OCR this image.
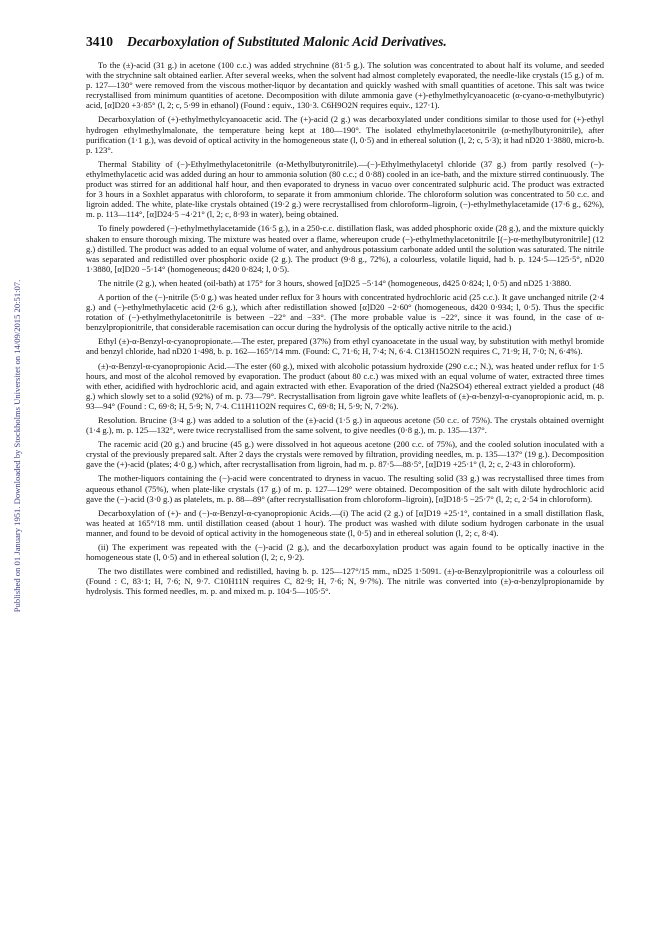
Published on 01 January 1951. Downloaded by Stockholms Universitet on 14/09/2015 20:51:07.
3410 Decarboxylation of Substituted Malonic Acid Derivatives.

To the (±)-acid (31 g.) in acetone (100 c.c.) was added strychnine (81·5 g.). The solution was concentrated to about half its volume, and seeded with the strychnine salt obtained earlier. After several weeks, when the solvent had almost completely evaporated, the needle-like crystals (15 g.) of m. p. 127—130° were removed from the viscous mother-liquor by decantation and quickly washed with small quantities of acetone. This salt was twice recrystallised from minimum quantities of acetone. Decomposition with dilute ammonia gave (+)-ethylmethylcyanoacetic (α-cyano-α-methylbutyric) acid, [α]D20 +3·85° (l, 2; c, 5·99 in ethanol) (Found : equiv., 130·3. C6H9O2N requires equiv., 127·1).

Decarboxylation of (+)-ethylmethylcyanoacetic acid. The (+)-acid (2 g.) was decarboxylated under conditions similar to those used for (+)-ethyl hydrogen ethylmethylmalonate, the temperature being kept at 180—190°. The isolated ethylmethylacetonitrile (α-methylbutyronitrile), after purification (1·1 g.), was devoid of optical activity in the homogeneous state (l, 0·5) and in ethereal solution (l, 2; c, 5·3); it had nD20 1·3880, micro-b. p. 123°.

Thermal Stability of (−)-Ethylmethylacetonitrile (α-Methylbutyronitrile).—(−)-Ethylmethylacetyl chloride (37 g.) from partly resolved (−)-ethylmethylacetic acid was added during an hour to ammonia solution (80 c.c.; d 0·88) cooled in an ice-bath, and the mixture stirred continuously. The product was stirred for an additional half hour, and then evaporated to dryness in vacuo over concentrated sulphuric acid. The product was extracted for 3 hours in a Soxhlet apparatus with chloroform, to separate it from ammonium chloride. The chloroform solution was concentrated to 50 c.c. and ligroin added. The white, plate-like crystals obtained (19·2 g.) were recrystallised from chloroform–ligroin, (−)-ethylmethylacetamide (17·6 g., 62%), m. p. 113—114°, [α]D24·5 −4·21° (l, 2; c, 8·93 in water), being obtained.

To finely powdered (−)-ethylmethylacetamide (16·5 g.), in a 250-c.c. distillation flask, was added phosphoric oxide (28 g.), and the mixture quickly shaken to ensure thorough mixing. The mixture was heated over a flame, whereupon crude (−)-ethylmethylacetonitrile [(−)-α-methylbutyronitrile] (12 g.) distilled. The product was added to an equal volume of water, and anhydrous potassium carbonate added until the solution was saturated. The nitrile was separated and redistilled over phosphoric oxide (2 g.). The product (9·8 g., 72%), a colourless, volatile liquid, had b. p. 124·5—125·5°, nD20 1·3880, [α]D20 −5·14° (homogeneous; d420 0·824; l, 0·5).

The nitrile (2 g.), when heated (oil-bath) at 175° for 3 hours, showed [α]D25 −5·14° (homogeneous, d425 0·824; l, 0·5) and nD25 1·3880.

A portion of the (−)-nitrile (5·0 g.) was heated under reflux for 3 hours with concentrated hydrochloric acid (25 c.c.). It gave unchanged nitrile (2·4 g.) and (−)-ethylmethylacetic acid (2·6 g.), which after redistillation showed [α]D20 −2·60° (homogeneous, d420 0·934; l, 0·5). Thus the specific rotation of (−)-ethylmethylacetonitrile is between −22° and −33°. (The more probable value is −22°, since it was found, in the case of α-benzylpropionitrile, that considerable racemisation can occur during the hydrolysis of the optically active nitrile to the acid.)

Ethyl (±)-α-Benzyl-α-cyanopropionate.—The ester, prepared (37%) from ethyl cyanoacetate in the usual way, by substitution with methyl bromide and benzyl chloride, had nD20 1·498, b. p. 162—165°/14 mm. (Found: C, 71·6; H, 7·4; N, 6·4. C13H15O2N requires C, 71·9; H, 7·0; N, 6·4%).

(±)-α-Benzyl-α-cyanopropionic Acid.—The ester (60 g.), mixed with alcoholic potassium hydroxide (290 c.c.; N.), was heated under reflux for 1·5 hours, and most of the alcohol removed by evaporation. The product (about 80 c.c.) was mixed with an equal volume of water, extracted three times with ether, acidified with hydrochloric acid, and again extracted with ether. Evaporation of the dried (Na2SO4) ethereal extract yielded a product (48 g.) which slowly set to a solid (92%) of m. p. 73—79°. Recrystallisation from ligroin gave white leaflets of (±)-α-benzyl-α-cyanopropionic acid, m. p. 93—94° (Found : C, 69·8; H, 5·9; N, 7·4. C11H11O2N requires C, 69·8; H, 5·9; N, 7·2%).

Resolution. Brucine (3·4 g.) was added to a solution of the (±)-acid (1·5 g.) in aqueous acetone (50 c.c. of 75%). The crystals obtained overnight (1·4 g.), m. p. 125—132°, were twice recrystallised from the same solvent, to give needles (0·8 g.), m. p. 135—137°.

The racemic acid (20 g.) and brucine (45 g.) were dissolved in hot aqueous acetone (200 c.c. of 75%), and the cooled solution inoculated with a crystal of the previously prepared salt. After 2 days the crystals were removed by filtration, providing needles, m. p. 135—137° (19 g.). Decomposition gave the (+)-acid (plates; 4·0 g.) which, after recrystallisation from ligroin, had m. p. 87·5—88·5°, [α]D19 +25·1° (l, 2; c, 2·43 in chloroform).

The mother-liquors containing the (−)-acid were concentrated to dryness in vacuo. The resulting solid (33 g.) was recrystallised three times from aqueous ethanol (75%), when plate-like crystals (17 g.) of m. p. 127—129° were obtained. Decomposition of the salt with dilute hydrochloric acid gave the (−)-acid (3·0 g.) as platelets, m. p. 88—89° (after recrystallisation from chloroform–ligroin), [α]D18·5 −25·7° (l, 2; c, 2·54 in chloroform).

Decarboxylation of (+)- and (−)-α-Benzyl-α-cyanopropionic Acids.—(i) The acid (2 g.) of [α]D19 +25·1°, contained in a small distillation flask, was heated at 165°/18 mm. until distillation ceased (about 1 hour). The product was washed with dilute sodium hydrogen carbonate in the usual manner, and found to be devoid of optical activity in the homogeneous state (l, 0·5) and in ethereal solution (l, 2; c, 8·4).

(ii) The experiment was repeated with the (−)-acid (2 g.), and the decarboxylation product was again found to be optically inactive in the homogeneous state (l, 0·5) and in ethereal solution (l, 2; c, 9·2).

The two distillates were combined and redistilled, having b. p. 125—127°/15 mm., nD25 1·5091. (±)-α-Benzylpropionitrile was a colourless oil (Found : C, 83·1; H, 7·6; N, 9·7. C10H11N requires C, 82·9; H, 7·6; N, 9·7%). The nitrile was converted into (±)-α-benzylpropionamide by hydrolysis. This formed needles, m. p. and mixed m. p. 104·5—105·5°.
